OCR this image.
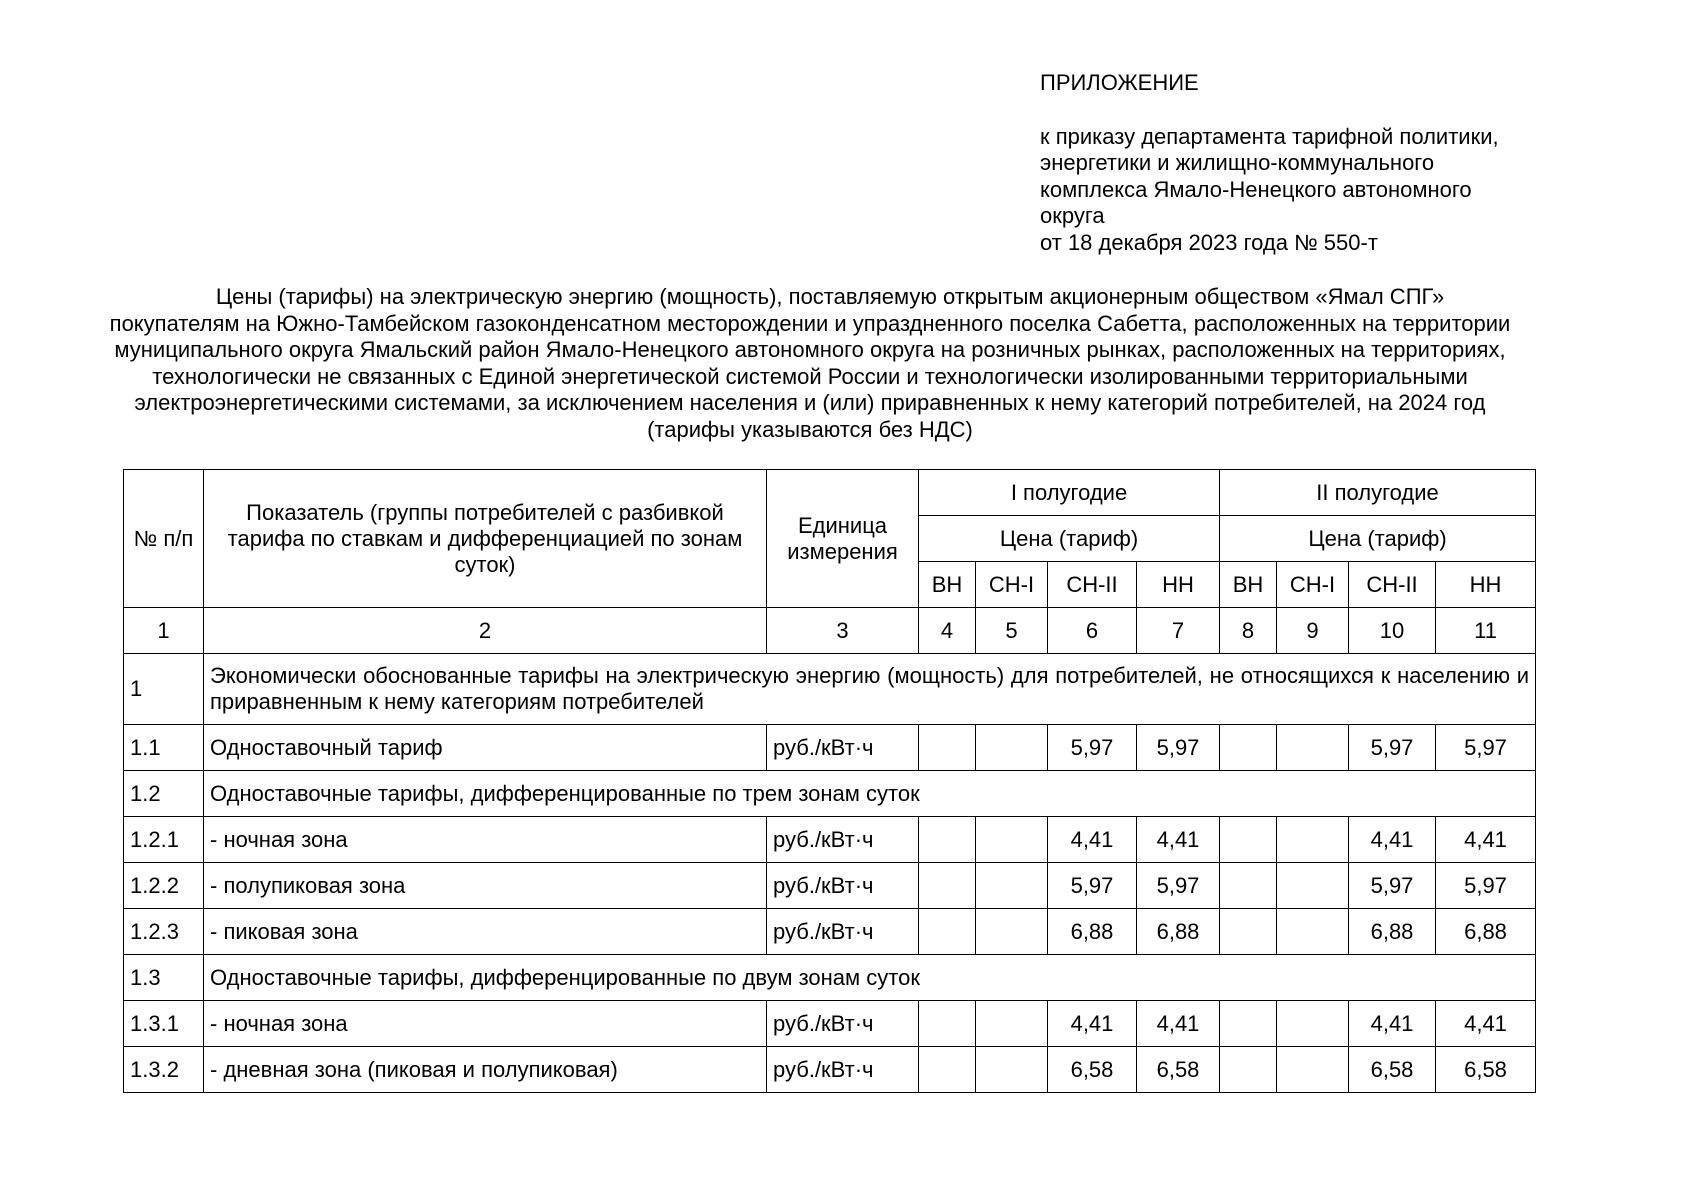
ПРИЛОЖЕНИЕ
к приказу департамента тарифной политики,
энергетики и жилищно-коммунального
комплекса Ямало-Ненецкого автономного
округа
от 18 декабря 2023 года № 550-т
Цены (тарифы) на электрическую энергию (мощность), поставляемую открытым акционерным обществом «Ямал СПГ»
покупателям на Южно-Тамбейском газоконденсатном месторождении и упраздненного поселка Сабетта, расположенных на территории
муниципального округа Ямальский район Ямало-Ненецкого автономного округа на розничных рынках, расположенных на территориях,
технологически не связанных с Единой энергетической системой России и технологически изолированными территориальными
электроэнергетическими системами, за исключением населения и (или) приравненных к нему категорий потребителей, на 2024 год
(тарифы указываются без НДС)
№ п/п	Показатель (группы потребителей с разбивкой тарифа по ставкам и дифференциацией по зонам суток)	Единица измерения	I полугодие				II полугодие			
			Цена (тариф)				Цена (тариф)			
			ВН	СН-I	СН-II	НН	ВН	СН-I	СН-II	НН
1	2	3	4	5	6	7	8	9	10	11
1	Экономически обоснованные тарифы на электрическую энергию (мощность) для потребителей, не относящихся к населению и приравненным к нему категориям потребителей									
1.1	Одноставочный тариф	руб./кВт·ч			5,97	5,97			5,97	5,97
1.2	Одноставочные тарифы, дифференцированные по трем зонам суток									
1.2.1	- ночная зона	руб./кВт·ч			4,41	4,41			4,41	4,41
1.2.2	- полупиковая зона	руб./кВт·ч			5,97	5,97			5,97	5,97
1.2.3	- пиковая зона	руб./кВт·ч			6,88	6,88			6,88	6,88
1.3	Одноставочные тарифы, дифференцированные по двум зонам суток									
1.3.1	- ночная зона	руб./кВт·ч			4,41	4,41			4,41	4,41
1.3.2	- дневная зона (пиковая и полупиковая)	руб./кВт·ч			6,58	6,58			6,58	6,58
